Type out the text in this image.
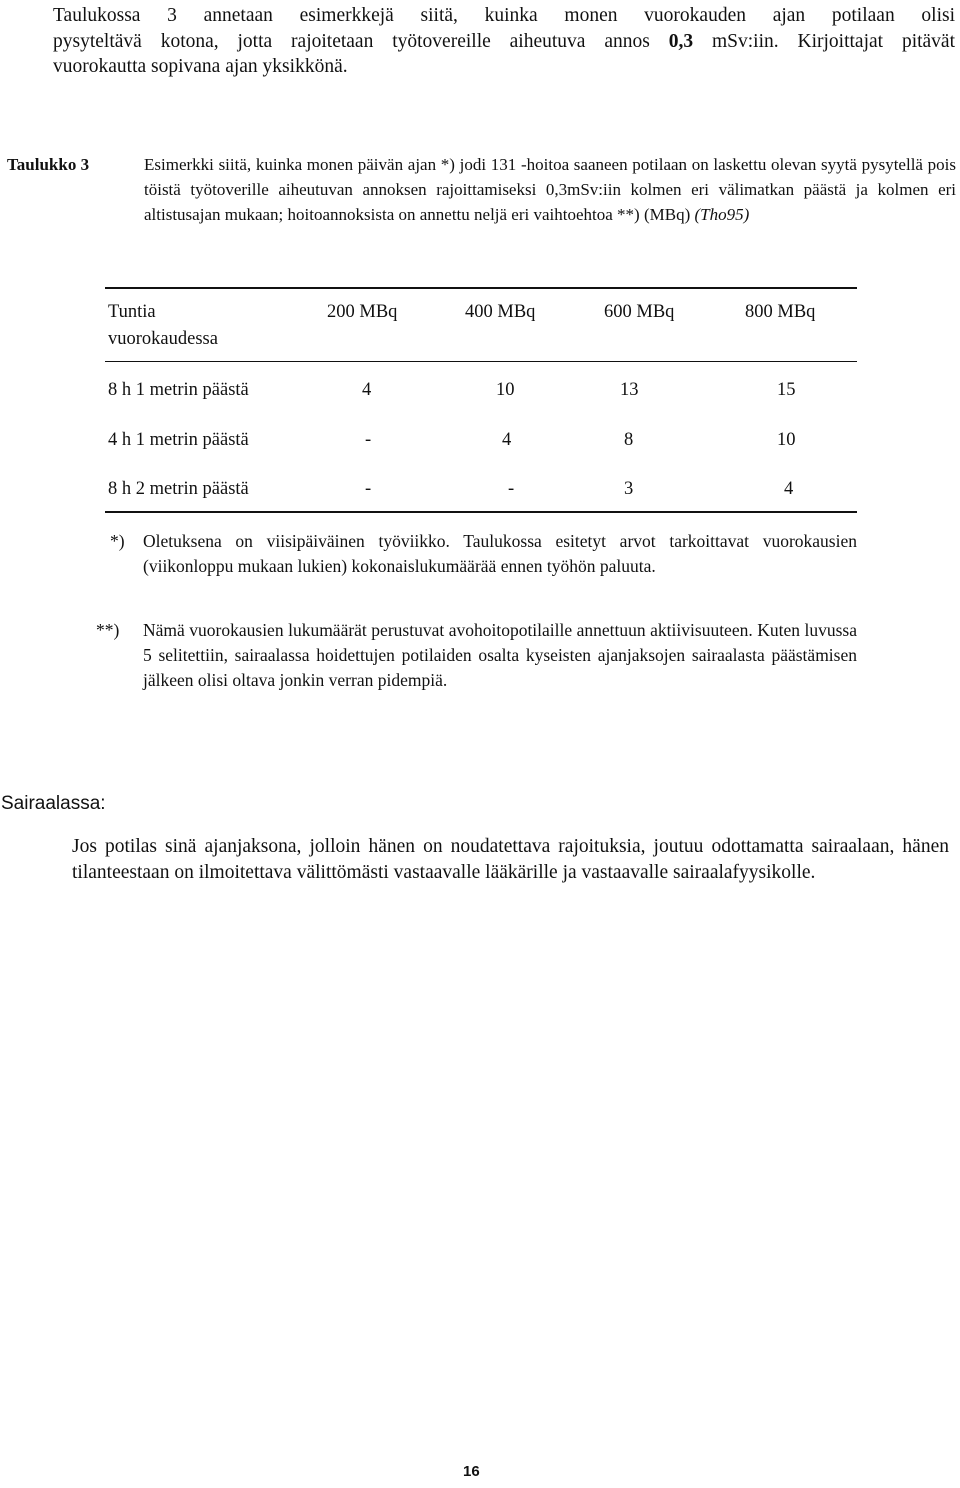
Taulukossa 3 annetaan esimerkkejä siitä, kuinka monen vuorokauden ajan potilaan olisi
pysyteltävä kotona, jotta rajoitetaan työtovereille aiheutuva annos 0,3 mSv:iin. Kirjoittajat pitävät
vuorokautta sopivana ajan yksikkönä.
Taulukko 3	Esimerkki siitä, kuinka monen päivän ajan *) jodi 131 -hoitoa saaneen potilaan on laskettu olevan syytä pysytellä pois töistä työtoverille aiheutuvan annoksen rajoittamiseksi 0,3mSv:iin kolmen eri välimatkan päästä ja kolmen eri altistusajan mukaan; hoitoannoksista on annettu neljä eri vaihtoehtoa **) (MBq) (Tho95)
Tuntia
vuorokaudessa
200 MBq	400 MBq	600 MBq	800 MBq
8 h 1 metrin päästä	4	10	13	15
4 h 1 metrin päästä	-	4	8	10
8 h 2 metrin päästä	-	-	3	4
*) Oletuksena on viisipäiväinen työviikko. Taulukossa esitetyt arvot tarkoittavat vuorokausien (viikonloppu mukaan lukien) kokonaislukumäärää ennen työhön paluuta.
**) Nämä vuorokausien lukumäärät perustuvat avohoitopotilaille annettuun aktiivisuuteen. Kuten luvussa 5 selitettiin, sairaalassa hoidettujen potilaiden osalta kyseisten ajanjaksojen sairaalasta päästämisen jälkeen olisi oltava jonkin verran pidempiä.
Sairaalassa:
Jos potilas sinä ajanjaksona, jolloin hänen on noudatettava rajoituksia, joutuu odottamatta sairaalaan, hänen tilanteestaan on ilmoitettava välittömästi vastaavalle lääkärille ja vastaavalle sairaalafyysikolle.
16
